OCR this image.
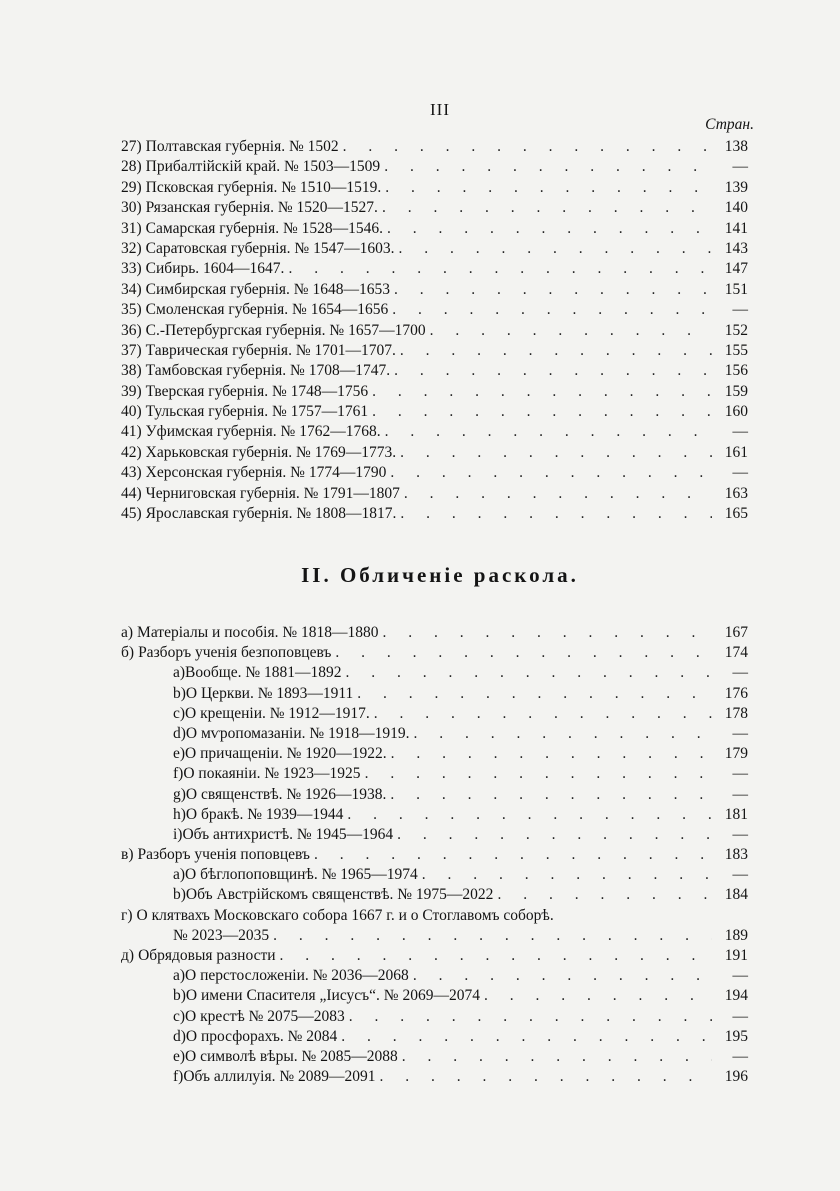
III
Стран.
27) Полтавская губернія. № 1502 . . .	138
28) Прибалтійскій край. № 1503—1509 . . .	—
29) Псковская губернія. № 1510—1519. . . .	139
30) Рязанская губернія. № 1520—1527. . . .	140
31) Самарская губернія. № 1528—1546. . . .	141
32) Саратовская губернія. № 1547—1603. . . .	143
33) Сибирь. 1604—1647. . . .	147
34) Симбирская губернія. № 1648—1653 . . .	151
35) Смоленская губернія. № 1654—1656 . . .	—
36) С.-Петербургская губернія. № 1657—1700 . . .	152
37) Таврическая губернія. № 1701—1707. . . .	155
38) Тамбовская губернія. № 1708—1747. . . .	156
39) Тверская губернія. № 1748—1756 . . .	159
40) Тульская губернія. № 1757—1761 . . .	160
41) Уфимская губернія. № 1762—1768. . . .	—
42) Харьковская губернія. № 1769—1773. . . .	161
43) Херсонская губернія. № 1774—1790 . . .	—
44) Черниговская губернія. № 1791—1807 . . .	163
45) Ярославская губернія. № 1808—1817. . . .	165
II. Обличеніе раскола.
а) Матеріалы и пособія. № 1818—1880 . . .	167
б) Разборъ ученія безпоповцевъ . . .	174
a) Вообще. № 1881—1892 . . .	—
b) О Церкви. № 1893—1911 . . .	176
c) О крещеніи. № 1912—1917. . . .	178
d) О мѵропомазаніи. № 1918—1919. . . .	—
e) О причащеніи. № 1920—1922. . . .	179
f) О покаяніи. № 1923—1925 . . .	—
g) О священствѣ. № 1926—1938. . . .	—
h) О бракѣ. № 1939—1944 . . .	181
i) Объ антихристѣ. № 1945—1964 . . .	—
в) Разборъ ученія поповцевъ . . .	183
a) О бѣглопоповщинѣ. № 1965—1974 . . .	—
b) Объ Австрійскомъ священствѣ. № 1975—2022 . . .	184
г) О клятвахъ Московскаго собора 1667 г. и о Стоглавомъ соборѣ.
№ 2023—2035 . . .	189
д) Обрядовыя разности . . .	191
a) О перстосложеніи. № 2036—2068 . . .	—
b) О имени Спасителя „Іисусъ“. № 2069—2074 . . .	194
c) О крестѣ № 2075—2083 . . .	—
d) О просфорахъ. № 2084 . . .	195
e) О символѣ вѣры. № 2085—2088 . . .	—
f) Объ аллилуія. № 2089—2091 . . .	196
